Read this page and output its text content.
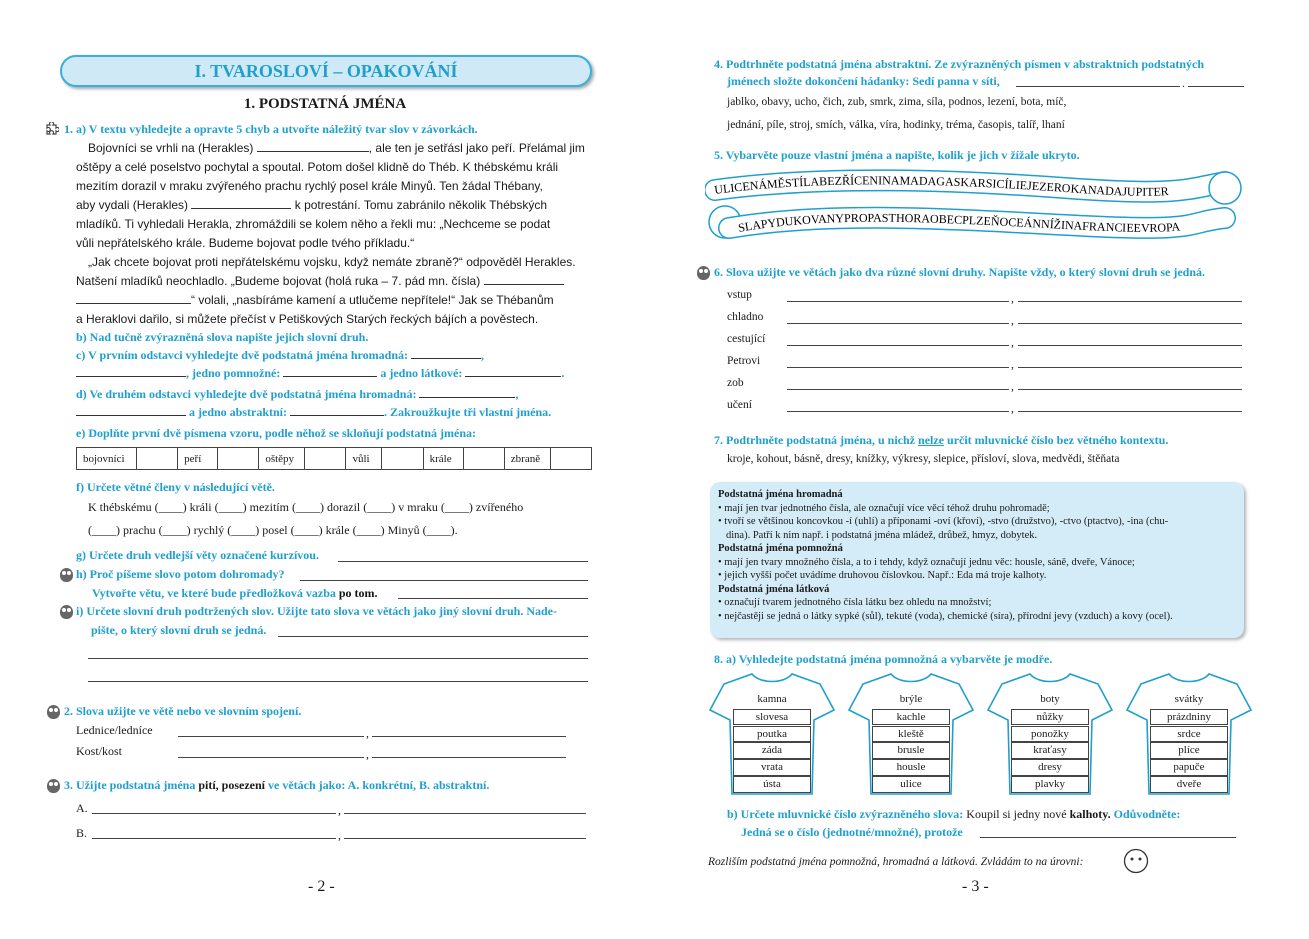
I. TVAROSLOVÍ – OPAKOVÁNÍ
1. PODSTATNÁ JMÉNA
1. a) V textu vyhledejte a opravte 5 chyb a utvořte náležitý tvar slov v závorkách.
Bojovníci se vrhli na (Herakles)	, ale ten je setřásl jako peří. Přelámal jim
oštěpy a celé poselstvo pochytal a spoutal. Potom došel klidně do Théb. K thébskému králi
mezitím dorazil v mraku zvýřeného prachu rychlý posel krále Minyů. Ten žádal Thébany,
aby vydali (Herakles)	k potrestání. Tomu zabránilo několik Thébských
mladíků. Ti vyhledali Herakla, zhromáždili se kolem něho a řekli mu: „Nechceme se podat
vůli nepřátelského krále. Budeme bojovat podle tvého příkladu.“
„Jak chcete bojovat proti nepřátelskému vojsku, když nemáte zbraně?“ odpověděl Herakles.
Natšení mladíků neochladlo. „Budeme bojovat (holá ruka – 7. pád mn. čísla)
“ volali, „nasbíráme kamení a utlučeme nepřítele!“ Jak se Thébanům
a Heraklovi dařilo, si můžete přečíst v Petiškových Starých řeckých bájích a pověstech.
b) Nad tučně zvýrazněná slova napište jejich slovní druh.
c) V prvním odstavci vyhledejte dvě podstatná jména hromadná:	,
, jedno pomnožné:	a jedno látkové:	.
d) Ve druhém odstavci vyhledejte dvě podstatná jména hromadná:	,
a jedno abstraktní:	. Zakroužkujte tři vlastní jména.
e) Doplňte první dvě písmena vzoru, podle něhož se skloňují podstatná jména:
bojovníci		peří		oštěpy		vůli		krále		zbraně	
f) Určete větné členy v následující větě.
K thébskému (____) králi (____) mezitím (____) dorazil (____) v mraku (____) zvířeného
(____) prachu (____) rychlý (____) posel (____) krále (____) Minyů (____).
g) Určete druh vedlejší věty označené kurzívou.
h) Proč píšeme slovo potom dohromady?
Vytvořte větu, ve které bude předložková vazba po tom.
i) Určete slovní druh podtržených slov. Užijte tato slova ve větách jako jiný slovní druh. Nade-
pište, o který slovní druh se jedná.
2. Slova užijte ve větě nebo ve slovním spojení.
Lednice/ledníce	,
Kost/kost	,
3. Užijte podstatná jména pití, posezení ve větách jako: A. konkrétní, B. abstraktní.
A.	,
B.	,
- 2 -
4. Podtrhněte podstatná jména abstraktní. Ze zvýrazněných písmen v abstraktních podstatných
jménech složte dokončení hádanky: Sedí panna v síti,	.
jablko, obavy, ucho, čich, zub, smrk, zima, síla, podnos, lezení, bota, míč,
jednání, píle, stroj, smích, válka, víra, hodinky, tréma, časopis, talíř, lhaní
5. Vybarvěte pouze vlastní jména a napište, kolik je jich v žížale ukryto.
ULICENÁMĚSTÍLABEZŘÍCENINAMADAGASKARSICÍLIEJEZEROKANADAJUPITER
SLAPYDUKOVANYPROPASTHORAOBECPLZEŇOCEÁNNÍŽINAFRANCIEEVROPA
6. Slova užijte ve větách jako dva různé slovní druhy. Napište vždy, o který slovní druh se jedná.
vstup	,
chladno	,
cestující	,
Petrovi	,
zob	,
učení	,
7. Podtrhněte podstatná jména, u nichž nelze určit mluvnické číslo bez větného kontextu.
kroje, kohout, básně, dresy, knížky, výkresy, slepice, přísloví, slova, medvědi, štěňata
Podstatná jména hromadná
• mají jen tvar jednotného čísla, ale označují více věcí téhož druhu pohromadě;
• tvoří se většinou koncovkou -í (uhlí) a příponami -oví (křoví), -stvo (družstvo), -ctvo (ptactvo), -ina (chu-
dina). Patří k nim např. i podstatná jména mládež, drůbež, hmyz, dobytek.
Podstatná jména pomnožná
• mají jen tvary množného čísla, a to i tehdy, když označují jednu věc: housle, sáně, dveře, Vánoce;
• jejich vyšší počet uvádíme druhovou číslovkou. Např.: Eda má troje kalhoty.
Podstatná jména látková
• označují tvarem jednotného čísla látku bez ohledu na množství;
• nejčastěji se jedná o látky sypké (sůl), tekuté (voda), chemické (síra), přírodní jevy (vzduch) a kovy (ocel).
8. a) Vyhledejte podstatná jména pomnožná a vybarvěte je modře.
kamna
slovesa
poutka
záda
vrata
ústa
brýle
kachle
kleště
brusle
housle
ulice
boty
nůžky
ponožky
kraťasy
dresy
plavky
svátky
prázdniny
srdce
plíce
papuče
dveře
b) Určete mluvnické číslo zvýrazněného slova: Koupil si jedny nové kalhoty. Odůvodněte:
Jedná se o číslo (jednotné/množné), protože
Rozliším podstatná jména pomnožná, hromadná a látková. Zvládám to na úrovni:
- 3 -
